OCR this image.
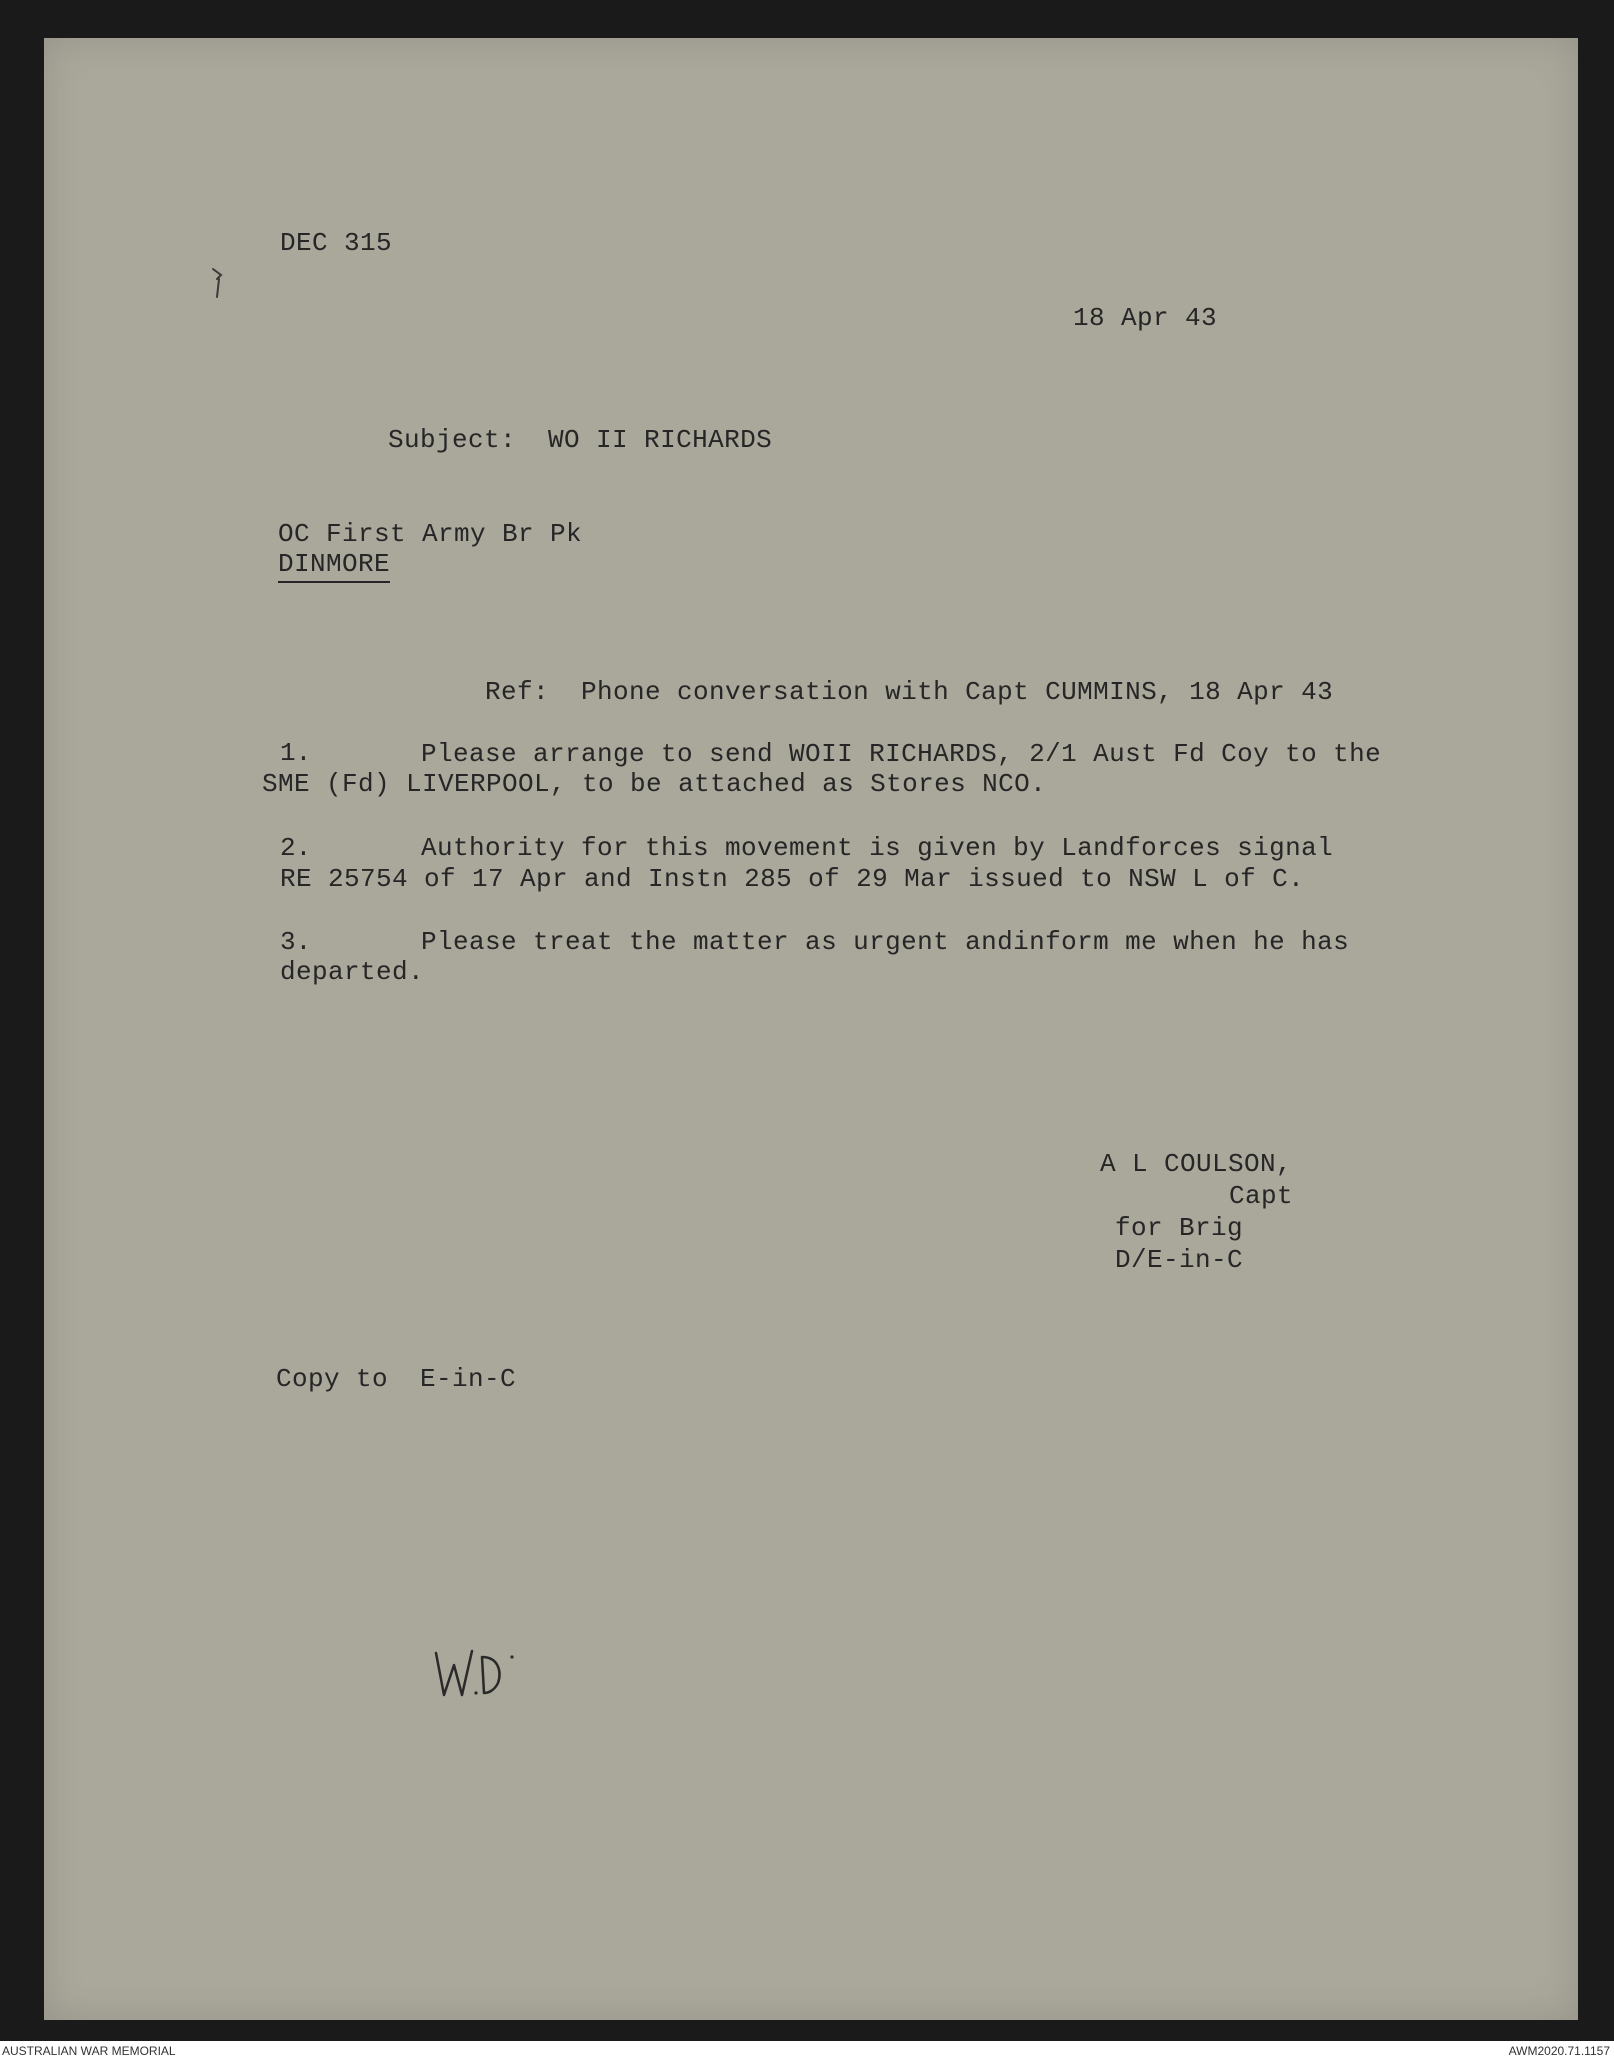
DEC 315
18 Apr 43
Subject: WO II RICHARDS
OC First Army Br Pk
DINMORE
Ref: Phone conversation with Capt CUMMINS, 18 Apr 43
1.	Please arrange to send WOII RICHARDS, 2/1 Aust Fd Coy to the
SME (Fd) LIVERPOOL, to be attached as Stores NCO.
2.	Authority for this movement is given by Landforces signal
RE 25754 of 17 Apr and Instn 285 of 29 Mar issued to NSW L of C.
3.	Please treat the matter as urgent andinform me when he has
departed.
A L COULSON,
Capt
for Brig
D/E-in-C
Copy to E-in-C
AUSTRALIAN WAR MEMORIAL	AWM2020.71.1157
